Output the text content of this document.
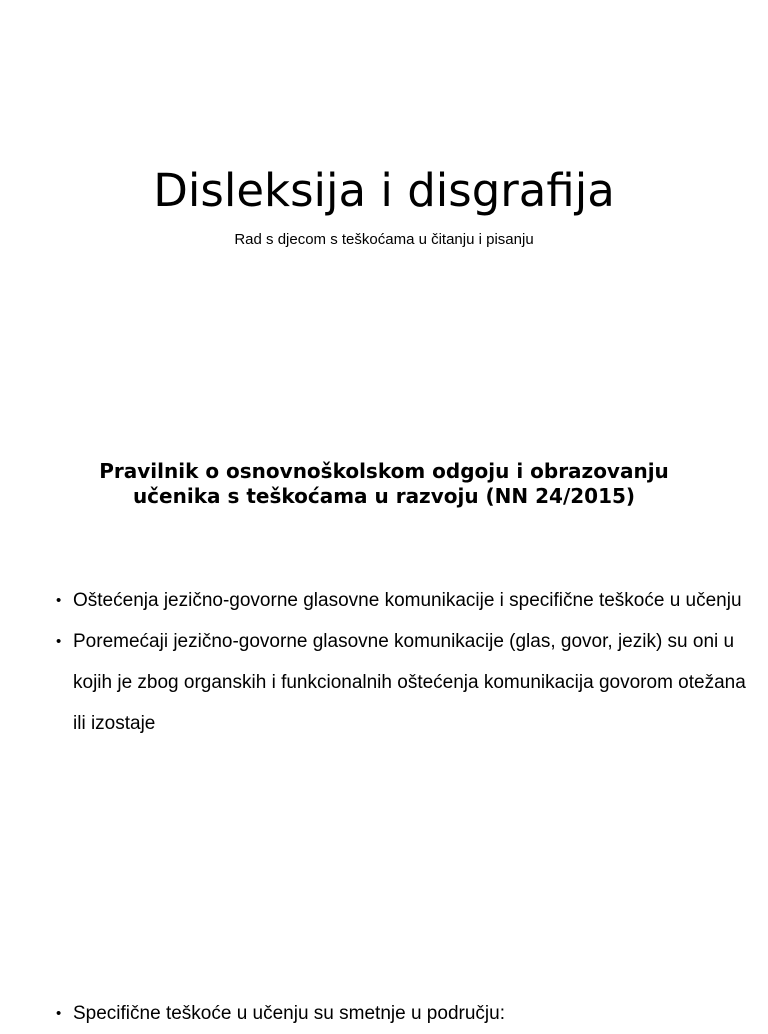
Disleksija i disgrafija

Rad s djecom s teškoćama u čitanju i pisanju

Pravilnik o osnovnoškolskom odgoju i obrazovanju
učenika s teškoćama u razvoju (NN 24/2015)
• Oštećenja jezično-govorne glasovne komunikacije i specifične teškoće u učenju
• Poremećaji jezično-govorne glasovne komunikacije (glas, govor, jezik) su oni u kojih je zbog organskih i funkcionalnih oštećenja komunikacija govorom otežana ili izostaje
• Specifične teškoće u učenju su smetnje u području:
